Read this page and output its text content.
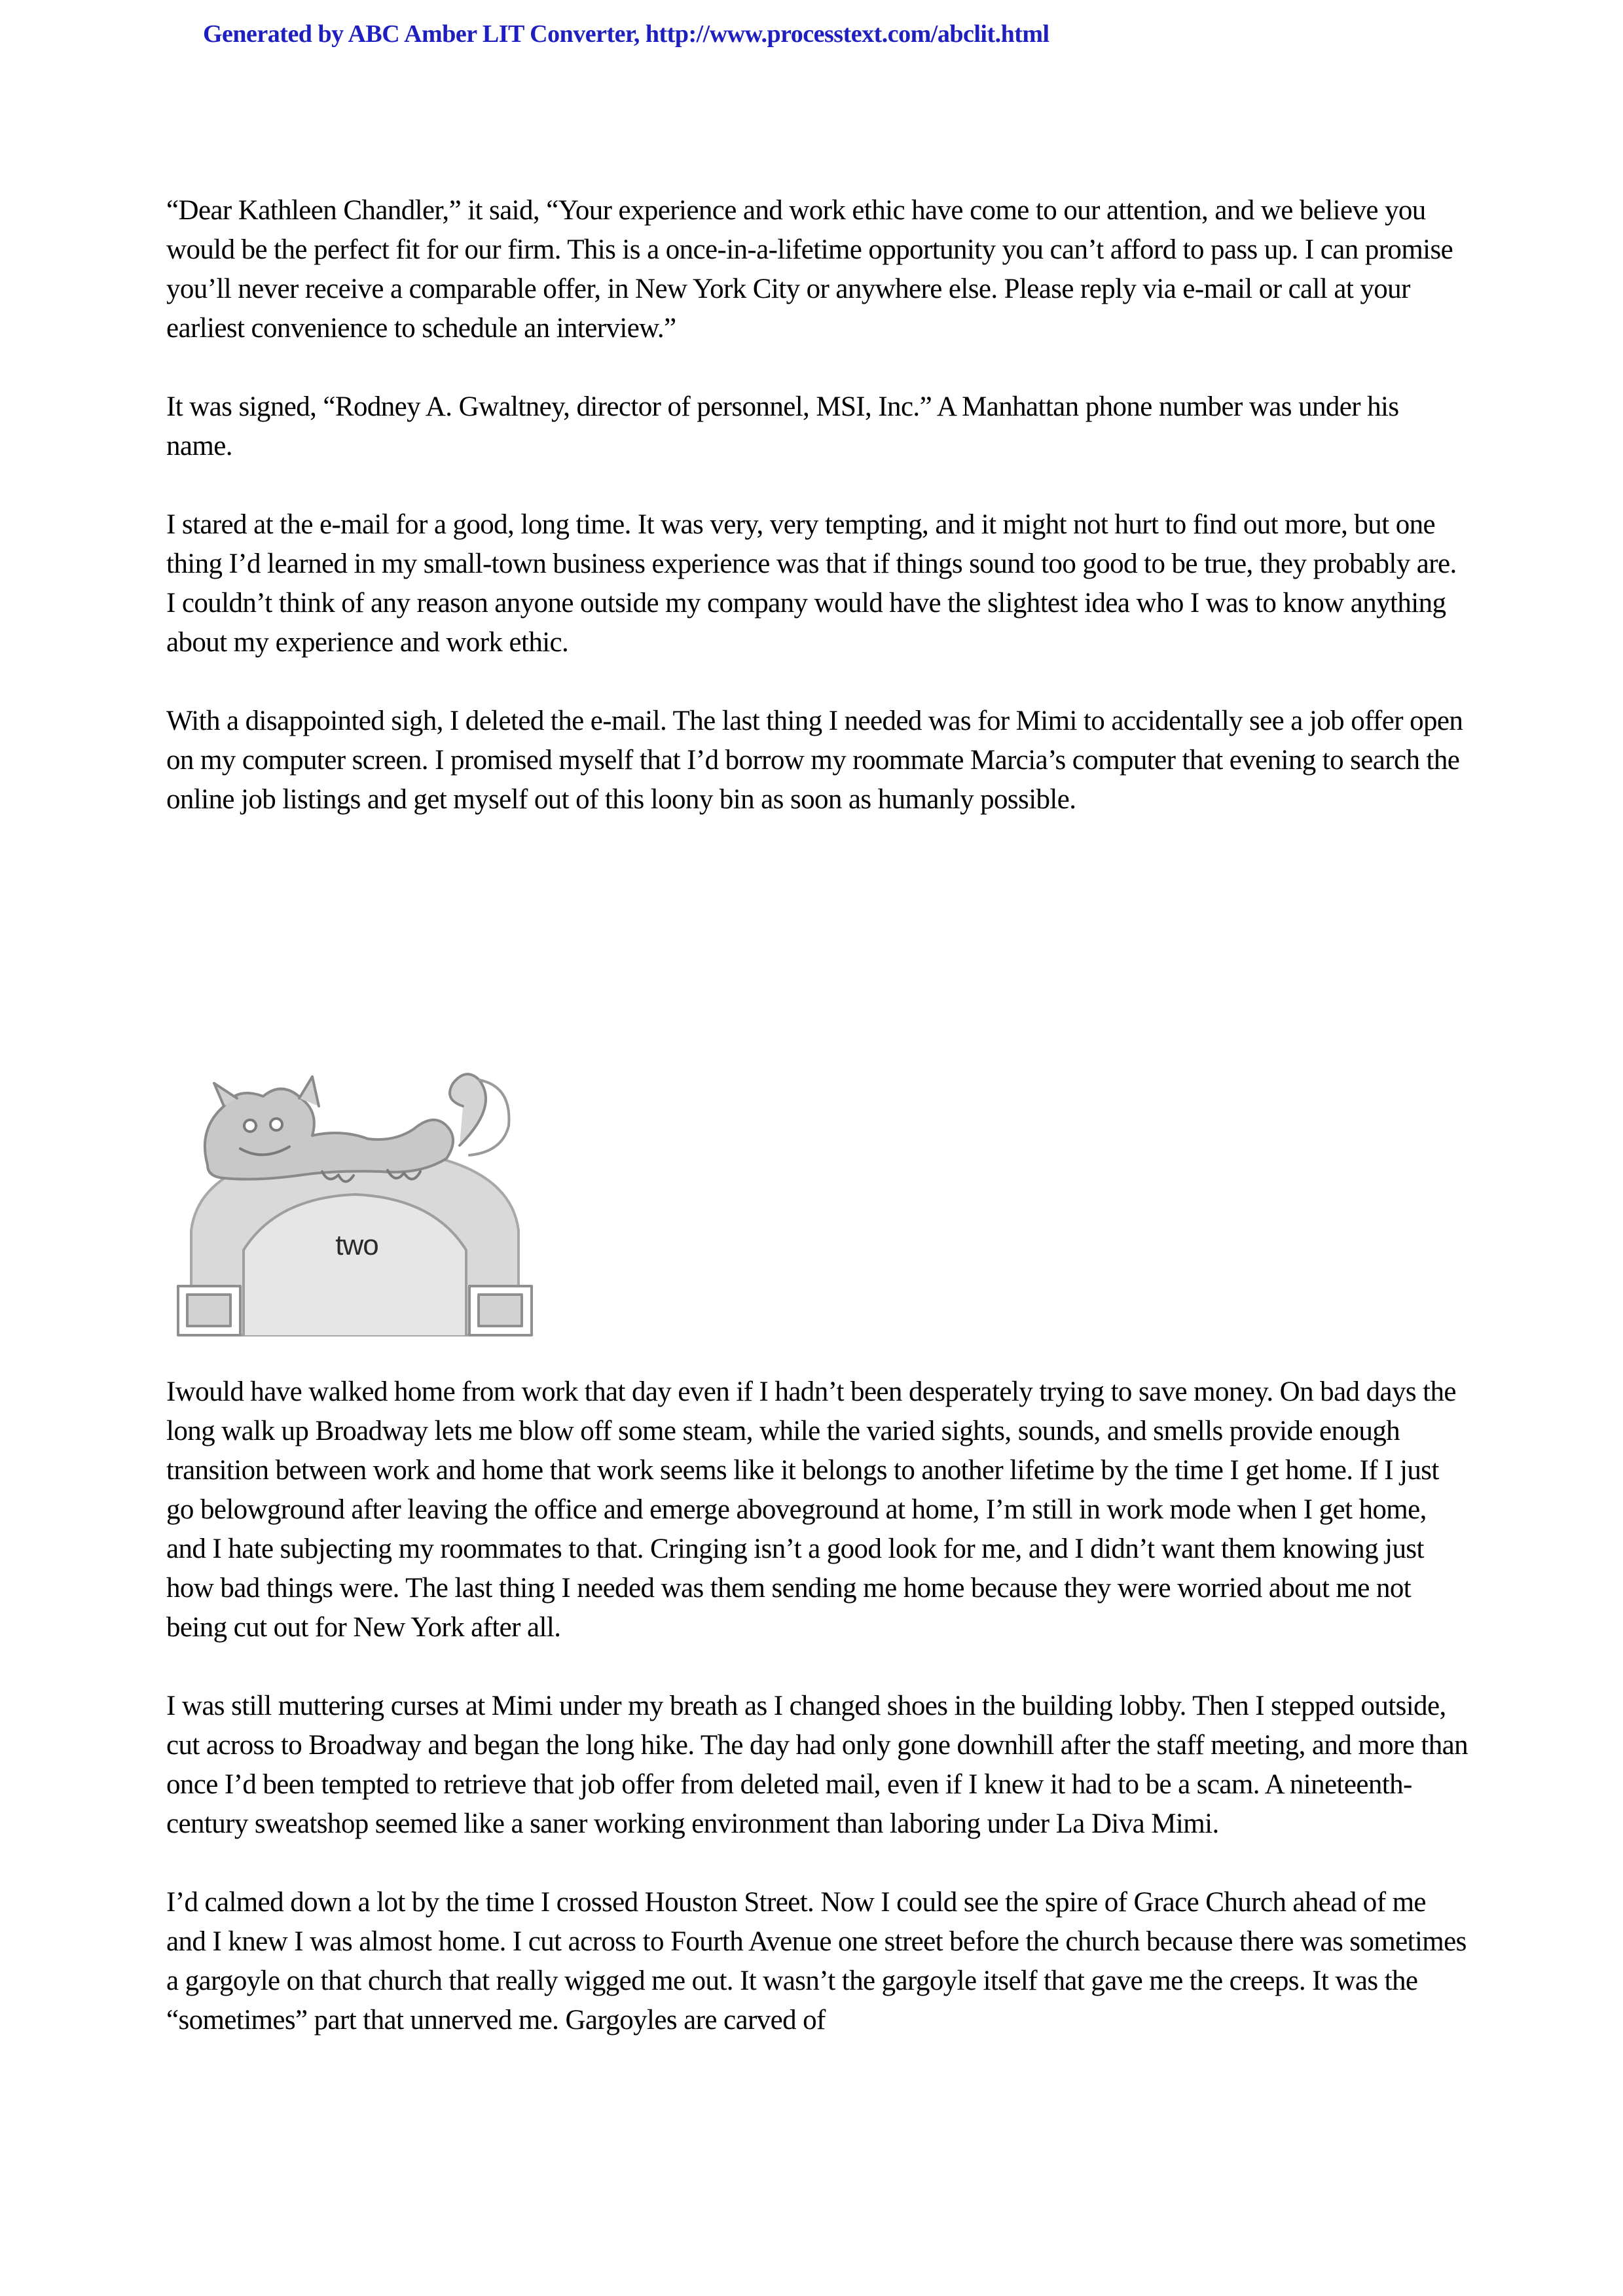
Generated by ABC Amber LIT Converter, http://www.processtext.com/abclit.html

“Dear Kathleen Chandler,” it said, “Your experience and work ethic have come to our attention, and we believe you would be the perfect fit for our firm. This is a once-in-a-lifetime opportunity you can’t afford to pass up. I can promise you’ll never receive a comparable offer, in New York City or anywhere else. Please reply via e-mail or call at your earliest convenience to schedule an interview.”

It was signed, “Rodney A. Gwaltney, director of personnel, MSI, Inc.” A Manhattan phone number was under his name.

I stared at the e-mail for a good, long time. It was very, very tempting, and it might not hurt to find out more, but one thing I’d learned in my small-town business experience was that if things sound too good to be true, they probably are. I couldn’t think of any reason anyone outside my company would have the slightest idea who I was to know anything about my experience and work ethic.

With a disappointed sigh, I deleted the e-mail. The last thing I needed was for Mimi to accidentally see a job offer open on my computer screen. I promised myself that I’d borrow my roommate Marcia’s computer that evening to search the online job listings and get myself out of this loony bin as soon as humanly possible.

two

Iwould have walked home from work that day even if I hadn’t been desperately trying to save money. On bad days the long walk up Broadway lets me blow off some steam, while the varied sights, sounds, and smells provide enough transition between work and home that work seems like it belongs to another lifetime by the time I get home. If I just go belowground after leaving the office and emerge aboveground at home, I’m still in work mode when I get home, and I hate subjecting my roommates to that. Cringing isn’t a good look for me, and I didn’t want them knowing just how bad things were. The last thing I needed was them sending me home because they were worried about me not being cut out for New York after all.

I was still muttering curses at Mimi under my breath as I changed shoes in the building lobby. Then I stepped outside, cut across to Broadway and began the long hike. The day had only gone downhill after the staff meeting, and more than once I’d been tempted to retrieve that job offer from deleted mail, even if I knew it had to be a scam. A nineteenth-century sweatshop seemed like a saner working environment than laboring under La Diva Mimi.

I’d calmed down a lot by the time I crossed Houston Street. Now I could see the spire of Grace Church ahead of me and I knew I was almost home. I cut across to Fourth Avenue one street before the church because there was sometimes a gargoyle on that church that really wigged me out. It wasn’t the gargoyle itself that gave me the creeps. It was the “sometimes” part that unnerved me. Gargoyles are carved of
